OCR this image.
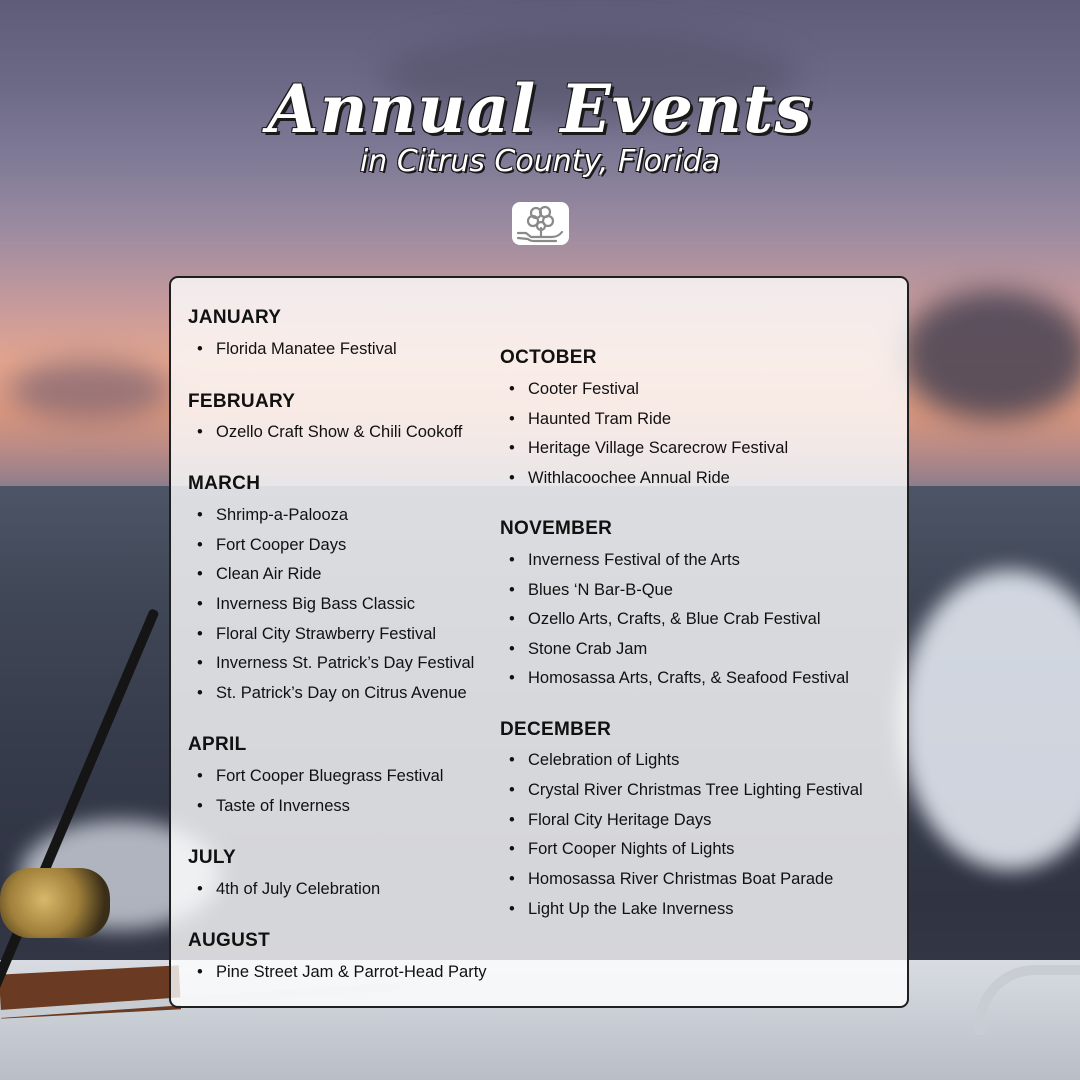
Annual Events
in Citrus County, Florida
JANUARY
• Florida Manatee Festival
FEBRUARY
• Ozello Craft Show & Chili Cookoff
MARCH
• Shrimp-a-Palooza
• Fort Cooper Days
• Clean Air Ride
• Inverness Big Bass Classic
• Floral City Strawberry Festival
• Inverness St. Patrick’s Day Festival
• St. Patrick’s Day on Citrus Avenue
APRIL
• Fort Cooper Bluegrass Festival
• Taste of Inverness
JULY
• 4th of July Celebration
AUGUST
• Pine Street Jam & Parrot-Head Party
OCTOBER
• Cooter Festival
• Haunted Tram Ride
• Heritage Village Scarecrow Festival
• Withlacoochee Annual Ride
NOVEMBER
• Inverness Festival of the Arts
• Blues ‘N Bar-B-Que
• Ozello Arts, Crafts, & Blue Crab Festival
• Stone Crab Jam
• Homosassa Arts, Crafts, & Seafood Festival
DECEMBER
• Celebration of Lights
• Crystal River Christmas Tree Lighting Festival
• Floral City Heritage Days
• Fort Cooper Nights of Lights
• Homosassa River Christmas Boat Parade
• Light Up the Lake Inverness
